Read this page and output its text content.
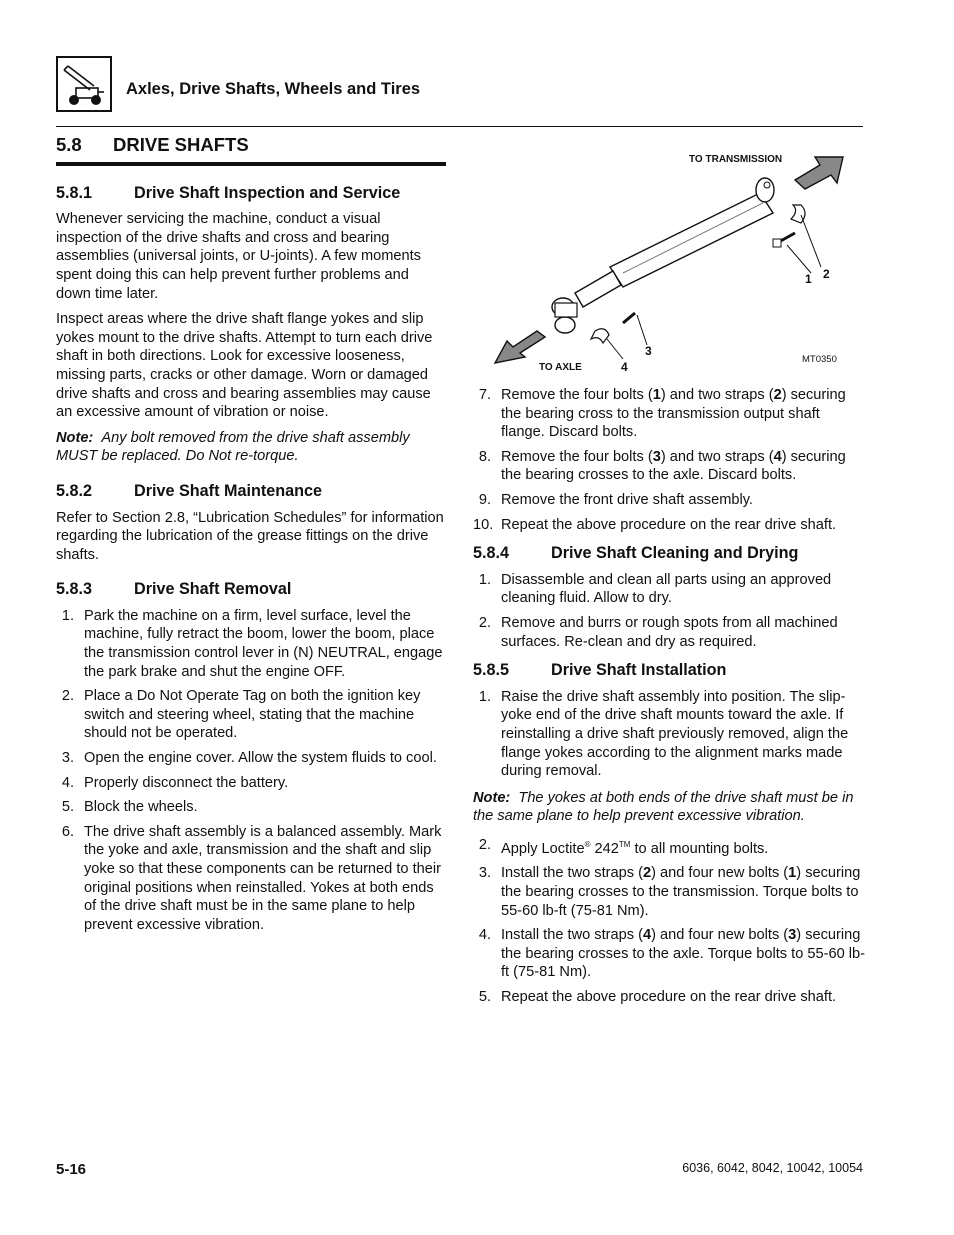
Axles, Drive Shafts, Wheels and Tires
5.8 DRIVE SHAFTS
5.8.1	Drive Shaft Inspection and Service

Whenever servicing the machine, conduct a visual inspection of the drive shafts and cross and bearing assemblies (universal joints, or U-joints). A few moments spent doing this can help prevent further problems and down time later.

Inspect areas where the drive shaft flange yokes and slip yokes mount to the drive shafts. Attempt to turn each drive shaft in both directions. Look for excessive looseness, missing parts, cracks or other damage. Worn or damaged drive shafts and cross and bearing assemblies may cause an excessive amount of vibration or noise.

Note: Any bolt removed from the drive shaft assembly MUST be replaced. Do Not re-torque.
5.8.2	Drive Shaft Maintenance

Refer to Section 2.8, “Lubrication Schedules” for information regarding the lubrication of the grease fittings on the drive shafts.

5.8.3	Drive Shaft Removal
1. Park the machine on a firm, level surface, level the machine, fully retract the boom, lower the boom, place the transmission control lever in (N) NEUTRAL, engage the park brake and shut the engine OFF.
2. Place a Do Not Operate Tag on both the ignition key switch and steering wheel, stating that the machine should not be operated.
3. Open the engine cover. Allow the system fluids to cool.
4. Properly disconnect the battery.
5. Block the wheels.
6. The drive shaft assembly is a balanced assembly. Mark the yoke and axle, transmission and the shaft and slip yoke so that these components can be returned to their original positions when reinstalled. Yokes at both ends of the drive shaft must be in the same plane to help prevent excessive vibration.
TO TRANSMISSION
TO AXLE
1 2
3
4
MT0350
7. Remove the four bolts (1) and two straps (2) securing the bearing cross to the transmission output shaft flange. Discard bolts.
8. Remove the four bolts (3) and two straps (4) securing the bearing crosses to the axle. Discard bolts.
9. Remove the front drive shaft assembly.
10. Repeat the above procedure on the rear drive shaft.
5.8.4	Drive Shaft Cleaning and Drying
1. Disassemble and clean all parts using an approved cleaning fluid. Allow to dry.
2. Remove and burrs or rough spots from all machined surfaces. Re-clean and dry as required.
5.8.5	Drive Shaft Installation
1. Raise the drive shaft assembly into position. The slip-yoke end of the drive shaft mounts toward the axle. If reinstalling a drive shaft previously removed, align the flange yokes according to the alignment marks made during removal.
Note: The yokes at both ends of the drive shaft must be in the same plane to help prevent excessive vibration.
2. Apply Loctite® 242™ to all mounting bolts.
3. Install the two straps (2) and four new bolts (1) securing the bearing crosses to the transmission. Torque bolts to 55-60 lb-ft (75-81 Nm).
4. Install the two straps (4) and four new bolts (3) securing the bearing crosses to the axle. Torque bolts to 55-60 lb-ft (75-81 Nm).
5. Repeat the above procedure on the rear drive shaft.
5-16	6036, 6042, 8042, 10042, 10054
